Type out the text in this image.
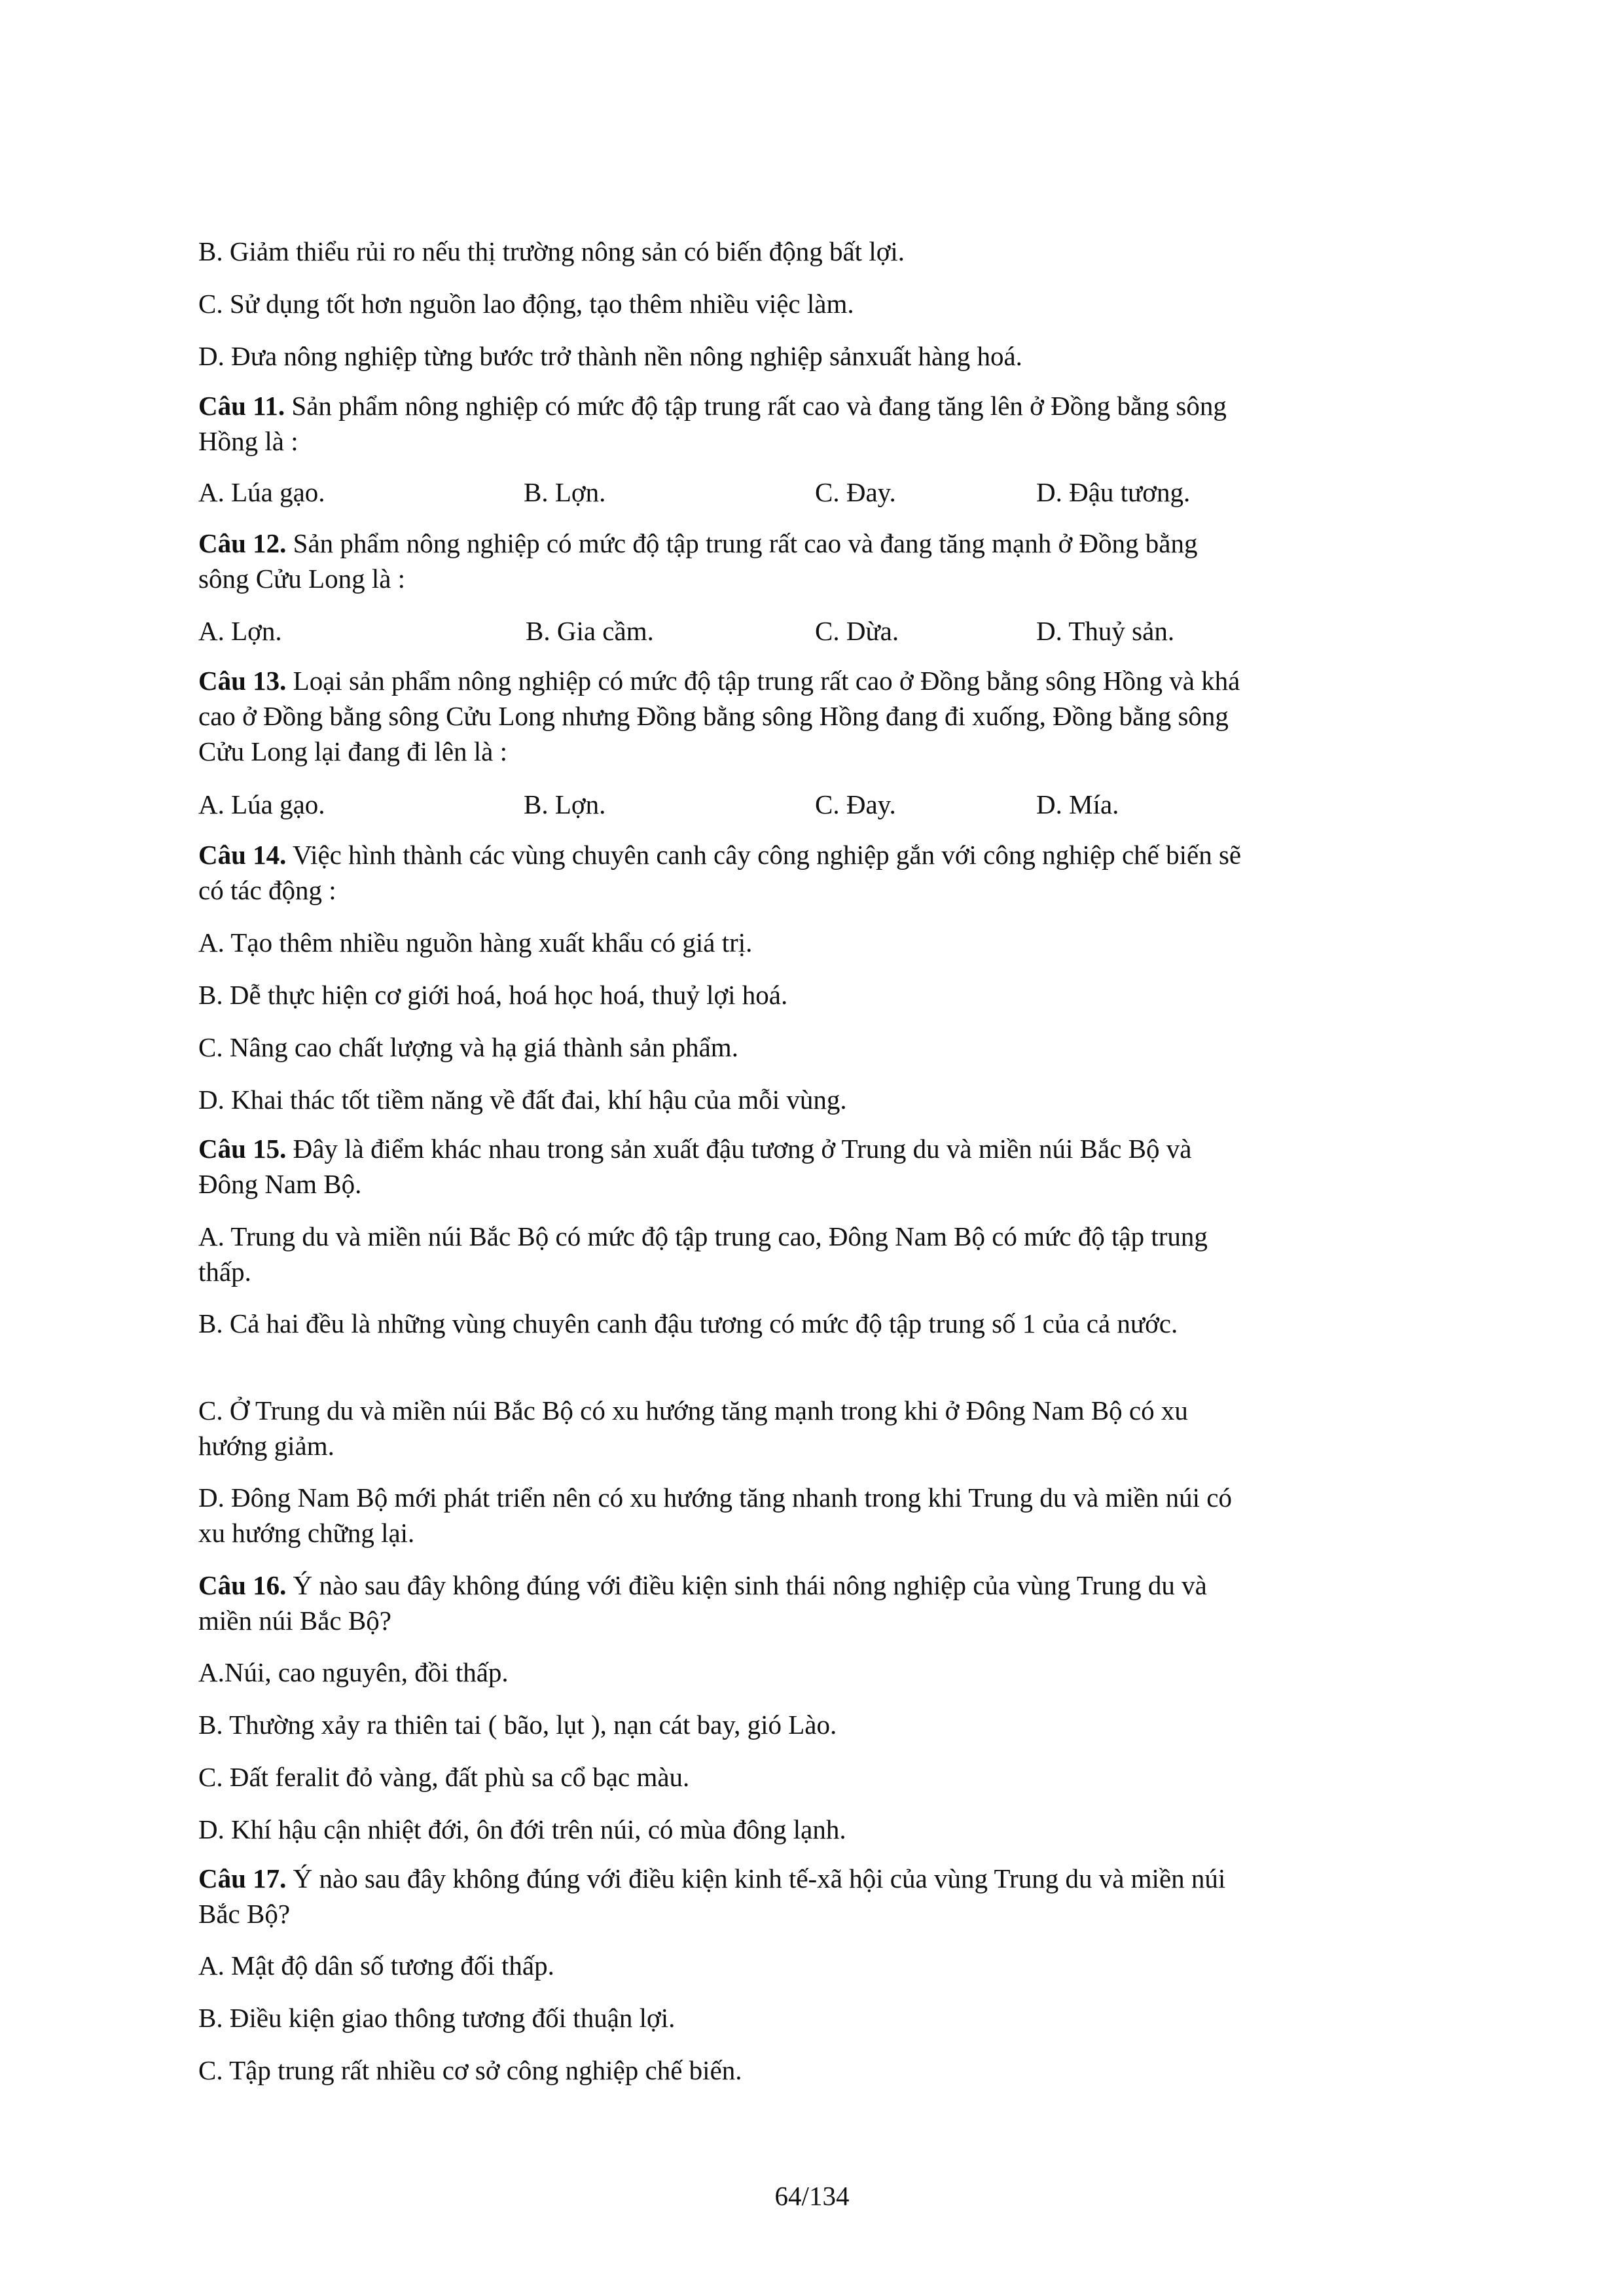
B. Giảm thiểu rủi ro nếu thị trường nông sản có biến động bất lợi.
C. Sử dụng tốt hơn nguồn lao động, tạo thêm nhiều việc làm.
D. Đưa nông nghiệp từng bước trở thành nền nông nghiệp sảnxuất hàng hoá.
Câu 11. Sản phẩm nông nghiệp có mức độ tập trung rất cao và đang tăng lên ở Đồng bằng sông Hồng là :
A. Lúa gạo.	B. Lợn.	C. Đay.	D. Đậu tương.
Câu 12. Sản phẩm nông nghiệp có mức độ tập trung rất cao và đang tăng mạnh ở Đồng bằng sông Cửu Long là :
A. Lợn.	B. Gia cầm.	C. Dừa.	D. Thuỷ sản.
Câu 13. Loại sản phẩm nông nghiệp có mức độ tập trung rất cao ở Đồng bằng sông Hồng và khá cao ở Đồng bằng sông Cửu Long nhưng Đồng bằng sông Hồng đang đi xuống, Đồng bằng sông Cửu Long lại đang đi lên là :
A. Lúa gạo.	B. Lợn.	C. Đay.	D. Mía.
Câu 14. Việc hình thành các vùng chuyên canh cây công nghiệp gắn với công nghiệp chế biến sẽ có tác động :
A. Tạo thêm nhiều nguồn hàng xuất khẩu có giá trị.
B. Dễ thực hiện cơ giới hoá, hoá học hoá, thuỷ lợi hoá.
C. Nâng cao chất lượng và hạ giá thành sản phẩm.
D. Khai thác tốt tiềm năng về đất đai, khí hậu của mỗi vùng.
Câu 15. Đây là điểm khác nhau trong sản xuất đậu tương ở Trung du và miền núi Bắc Bộ và Đông Nam Bộ.
A. Trung du và miền núi Bắc Bộ có mức độ tập trung cao, Đông Nam Bộ có mức độ tập trung thấp.
B. Cả hai đều là những vùng chuyên canh đậu tương có mức độ tập trung số 1 của cả nước.
C. Ở Trung du và miền núi Bắc Bộ có xu hướng tăng mạnh trong khi ở Đông Nam Bộ có xu hướng giảm.
D. Đông Nam Bộ mới phát triển nên có xu hướng tăng nhanh trong khi Trung du và miền núi có xu hướng chững lại.
Câu 16. Ý nào sau đây không đúng với điều kiện sinh thái nông nghiệp của vùng Trung du và miền núi Bắc Bộ?
A.Núi, cao nguyên, đồi thấp.
B. Thường xảy ra thiên tai ( bão, lụt ), nạn cát bay, gió Lào.
C. Đất feralit đỏ vàng, đất phù sa cổ bạc màu.
D. Khí hậu cận nhiệt đới, ôn đới trên núi, có mùa đông lạnh.
Câu 17. Ý nào sau đây không đúng với điều kiện kinh tế-xã hội của vùng Trung du và miền núi Bắc Bộ?
A. Mật độ dân số tương đối thấp.
B. Điều kiện giao thông tương đối thuận lợi.
C. Tập trung rất nhiều cơ sở công nghiệp chế biến.
64/134
